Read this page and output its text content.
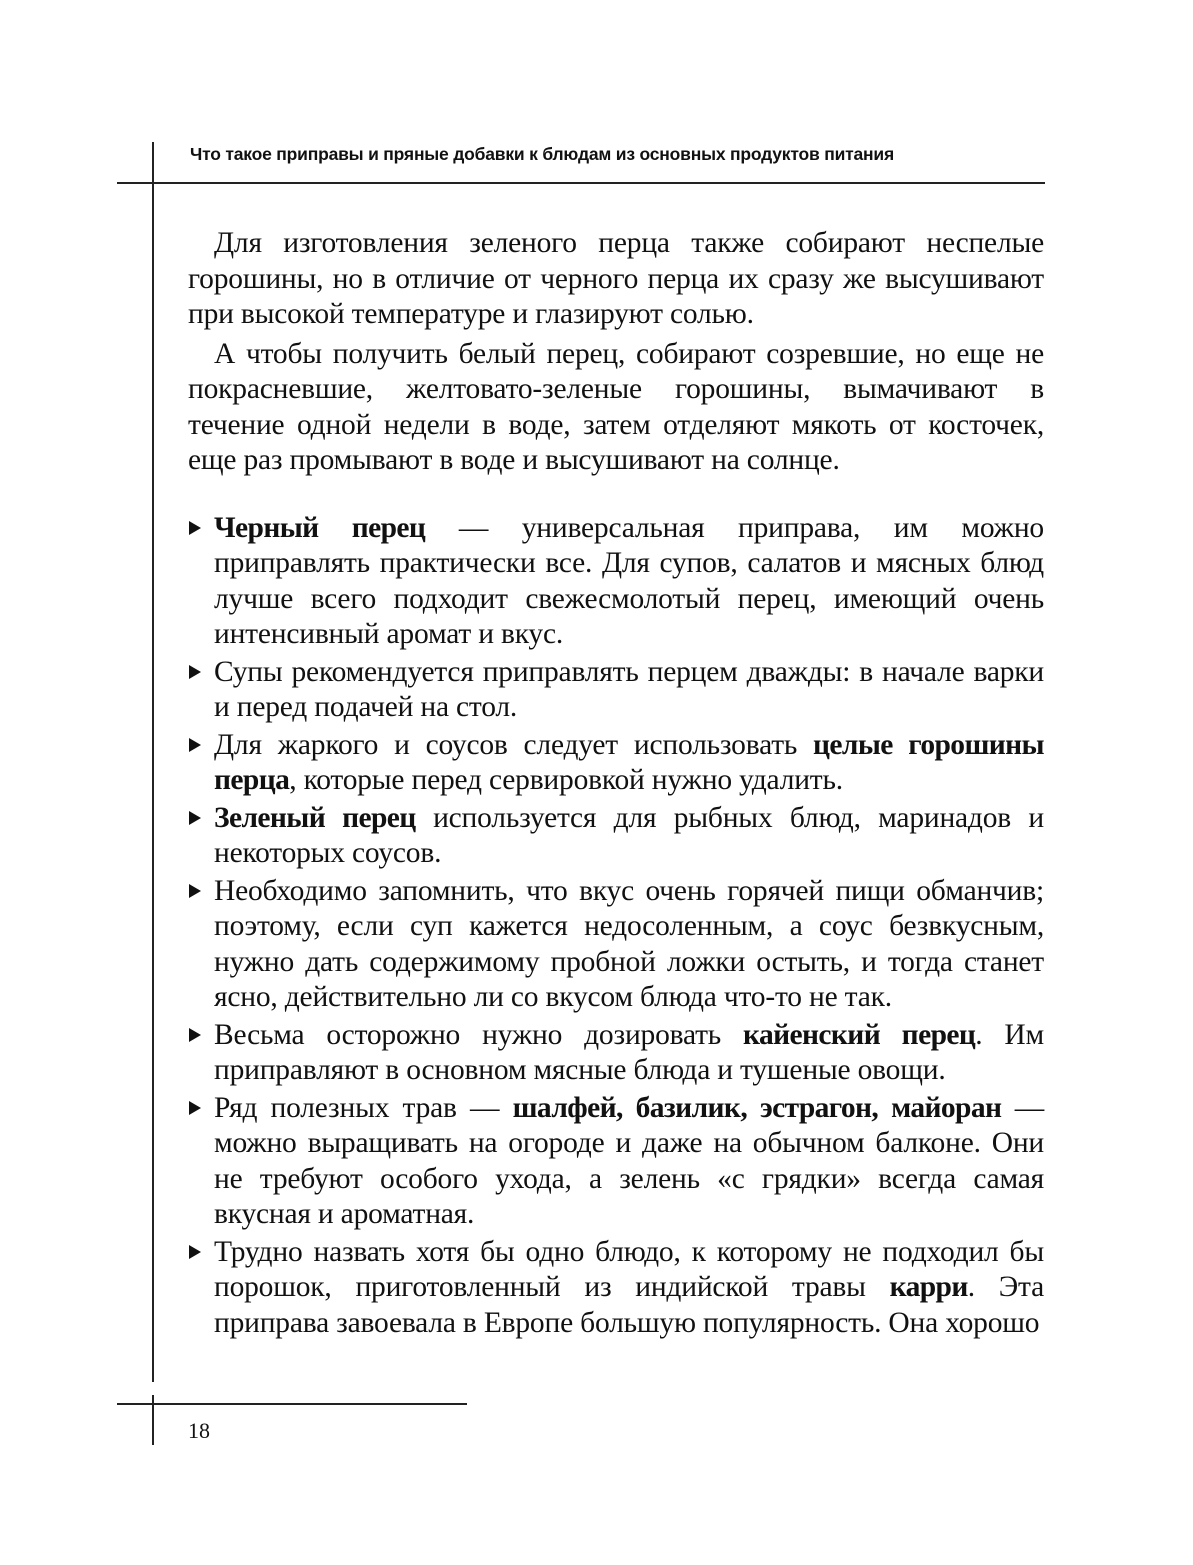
Что такое приправы и пряные добавки к блюдам из основных продуктов питания

Для изготовления зеленого перца также собирают неспелые горошины, но в отличие от черного перца их сразу же высушивают при высокой температуре и глазируют солью.

А чтобы получить белый перец, собирают созревшие, но еще не покрасневшие, желтовато-зеленые горошины, вымачивают в течение одной недели в воде, затем отделяют мякоть от косточек, еще раз промывают в воде и высушивают на солнце.

Черный перец — универсальная приправа, им можно приправлять практически все. Для супов, салатов и мясных блюд лучше всего подходит свежесмолотый перец, имеющий очень интенсивный аромат и вкус.
Супы рекомендуется приправлять перцем дважды: в начале варки и перед подачей на стол.
Для жаркого и соусов следует использовать целые горошины перца, которые перед сервировкой нужно удалить.
Зеленый перец используется для рыбных блюд, маринадов и некоторых соусов.
Необходимо запомнить, что вкус очень горячей пищи обманчив; поэтому, если суп кажется недосоленным, а соус безвкусным, нужно дать содержимому пробной ложки остыть, и тогда станет ясно, действительно ли со вкусом блюда что-то не так.
Весьма осторожно нужно дозировать кайенский перец. Им приправляют в основном мясные блюда и тушеные овощи.
Ряд полезных трав — шалфей, базилик, эстрагон, майоран — можно выращивать на огороде и даже на обычном балконе. Они не требуют особого ухода, а зелень «с грядки» всегда самая вкусная и ароматная.
Трудно назвать хотя бы одно блюдо, к которому не подходил бы порошок, приготовленный из индийской травы карри. Эта приправа завоевала в Европе большую популярность. Она хорошо
18
